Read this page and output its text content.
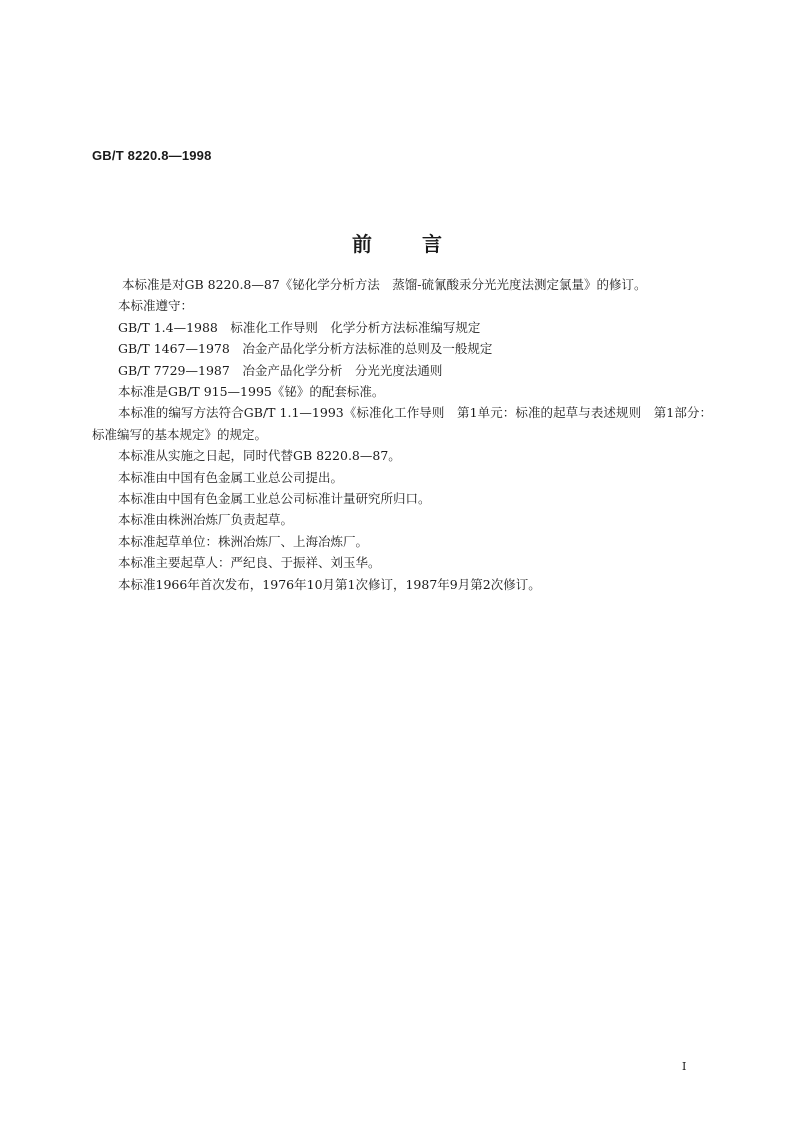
GB/T 8220.8—1998
前言

本标准是对GB 8220.8—87《铋化学分析方法　蒸馏-硫氰酸汞分光光度法测定氯量》的修订。

本标准遵守：

GB/T 1.4—1988　标准化工作导则　化学分析方法标准编写规定

GB/T 1467—1978　冶金产品化学分析方法标准的总则及一般规定

GB/T 7729—1987　冶金产品化学分析　分光光度法通则

本标准是GB/T 915—1995《铋》的配套标准。

本标准的编写方法符合GB/T 1.1—1993《标准化工作导则　第1单元：标准的起草与表述规则　第1部分：标准编写的基本规定》的规定。

本标准从实施之日起，同时代替GB 8220.8—87。

本标准由中国有色金属工业总公司提出。

本标准由中国有色金属工业总公司标准计量研究所归口。

本标准由株洲冶炼厂负责起草。

本标准起草单位：株洲冶炼厂、上海冶炼厂。

本标准主要起草人：严纪良、于振祥、刘玉华。

本标准1966年首次发布，1976年10月第1次修订，1987年9月第2次修订。

I
